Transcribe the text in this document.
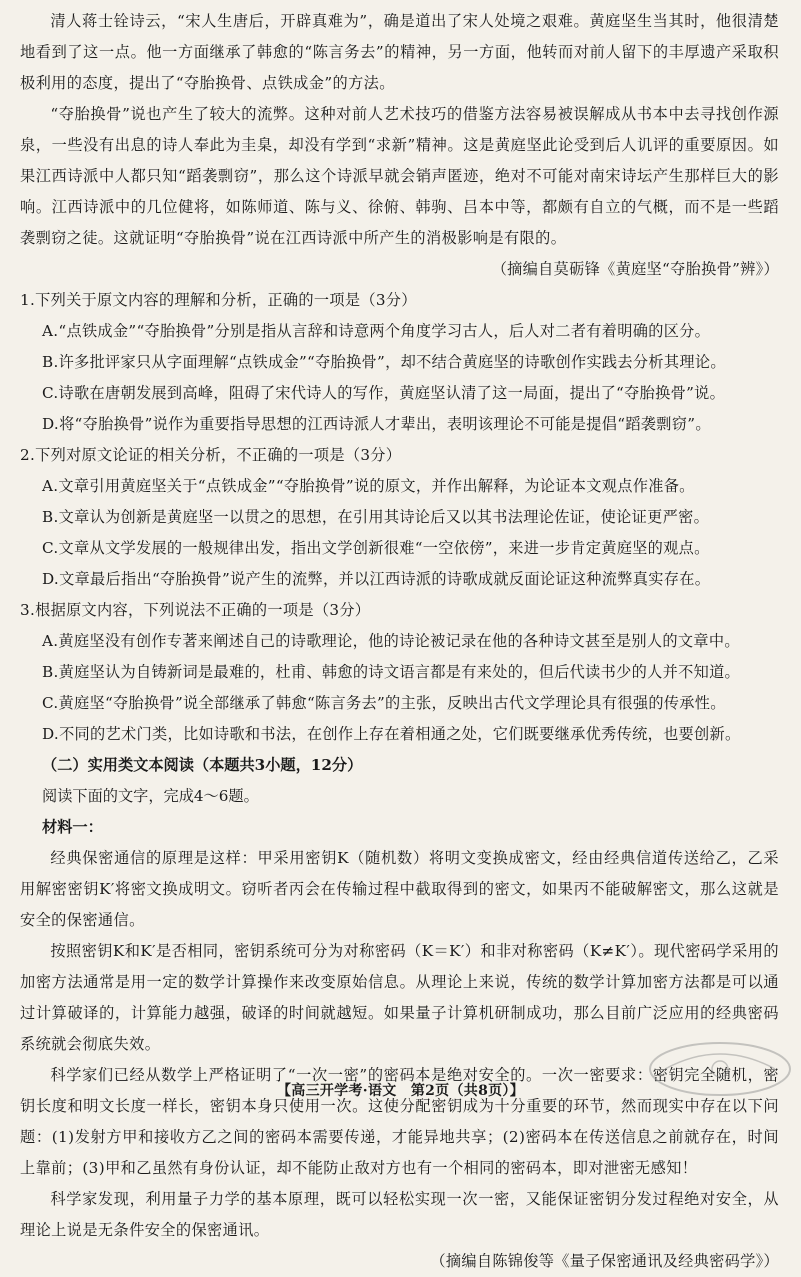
清人蒋士铨诗云，“宋人生唐后，开辟真难为”，确是道出了宋人处境之艰难。黄庭坚生当其时，他很清楚地看到了这一点。他一方面继承了韩愈的“陈言务去”的精神，另一方面，他转而对前人留下的丰厚遗产采取积极利用的态度，提出了“夺胎换骨、点铁成金”的方法。

“夺胎换骨”说也产生了较大的流弊。这种对前人艺术技巧的借鉴方法容易被误解成从书本中去寻找创作源泉，一些没有出息的诗人奉此为圭臬，却没有学到“求新”精神。这是黄庭坚此论受到后人讥评的重要原因。如果江西诗派中人都只知“蹈袭剽窃”，那么这个诗派早就会销声匿迹，绝对不可能对南宋诗坛产生那样巨大的影响。江西诗派中的几位健将，如陈师道、陈与义、徐俯、韩驹、吕本中等，都颇有自立的气概，而不是一些蹈袭剽窃之徒。这就证明“夺胎换骨”说在江西诗派中所产生的消极影响是有限的。

（摘编自莫砺锋《黄庭坚“夺胎换骨”辨》）

1.下列关于原文内容的理解和分析，正确的一项是（3分）

A.“点铁成金”“夺胎换骨”分别是指从言辞和诗意两个角度学习古人，后人对二者有着明确的区分。

B.许多批评家只从字面理解“点铁成金”“夺胎换骨”，却不结合黄庭坚的诗歌创作实践去分析其理论。

C.诗歌在唐朝发展到高峰，阻碍了宋代诗人的写作，黄庭坚认清了这一局面，提出了“夺胎换骨”说。

D.将“夺胎换骨”说作为重要指导思想的江西诗派人才辈出，表明该理论不可能是提倡“蹈袭剽窃”。

2.下列对原文论证的相关分析，不正确的一项是（3分）

A.文章引用黄庭坚关于“点铁成金”“夺胎换骨”说的原文，并作出解释，为论证本文观点作准备。

B.文章认为创新是黄庭坚一以贯之的思想，在引用其诗论后又以其书法理论佐证，使论证更严密。

C.文章从文学发展的一般规律出发，指出文学创新很难“一空依傍”，来进一步肯定黄庭坚的观点。

D.文章最后指出“夺胎换骨”说产生的流弊，并以江西诗派的诗歌成就反面论证这种流弊真实存在。

3.根据原文内容，下列说法不正确的一项是（3分）

A.黄庭坚没有创作专著来阐述自己的诗歌理论，他的诗论被记录在他的各种诗文甚至是别人的文章中。

B.黄庭坚认为自铸新词是最难的，杜甫、韩愈的诗文语言都是有来处的，但后代读书少的人并不知道。

C.黄庭坚“夺胎换骨”说全部继承了韩愈“陈言务去”的主张，反映出古代文学理论具有很强的传承性。

D.不同的艺术门类，比如诗歌和书法，在创作上存在着相通之处，它们既要继承优秀传统，也要创新。

（二）实用类文本阅读（本题共3小题，12分）

阅读下面的文字，完成4～6题。

材料一：

经典保密通信的原理是这样：甲采用密钥K（随机数）将明文变换成密文，经由经典信道传送给乙，乙采用解密密钥K′将密文换成明文。窃听者丙会在传输过程中截取得到的密文，如果丙不能破解密文，那么这就是安全的保密通信。

按照密钥K和K′是否相同，密钥系统可分为对称密码（K＝K′）和非对称密码（K≠K′）。现代密码学采用的加密方法通常是用一定的数学计算操作来改变原始信息。从理论上来说，传统的数学计算加密方法都是可以通过计算破译的，计算能力越强，破译的时间就越短。如果量子计算机研制成功，那么目前广泛应用的经典密码系统就会彻底失效。

科学家们已经从数学上严格证明了“一次一密”的密码本是绝对安全的。一次一密要求：密钥完全随机，密钥长度和明文长度一样长，密钥本身只使用一次。这使分配密钥成为十分重要的环节，然而现实中存在以下问题：(1)发射方甲和接收方乙之间的密码本需要传递，才能异地共享；(2)密码本在传送信息之前就存在，时间上靠前；(3)甲和乙虽然有身份认证，却不能防止敌对方也有一个相同的密码本，即对泄密无感知！

科学家发现，利用量子力学的基本原理，既可以轻松实现一次一密，又能保证密钥分发过程绝对安全，从理论上说是无条件安全的保密通讯。

（摘编自陈锦俊等《量子保密通讯及经典密码学》）

【高三开学考·语文　第2页（共8页）】
